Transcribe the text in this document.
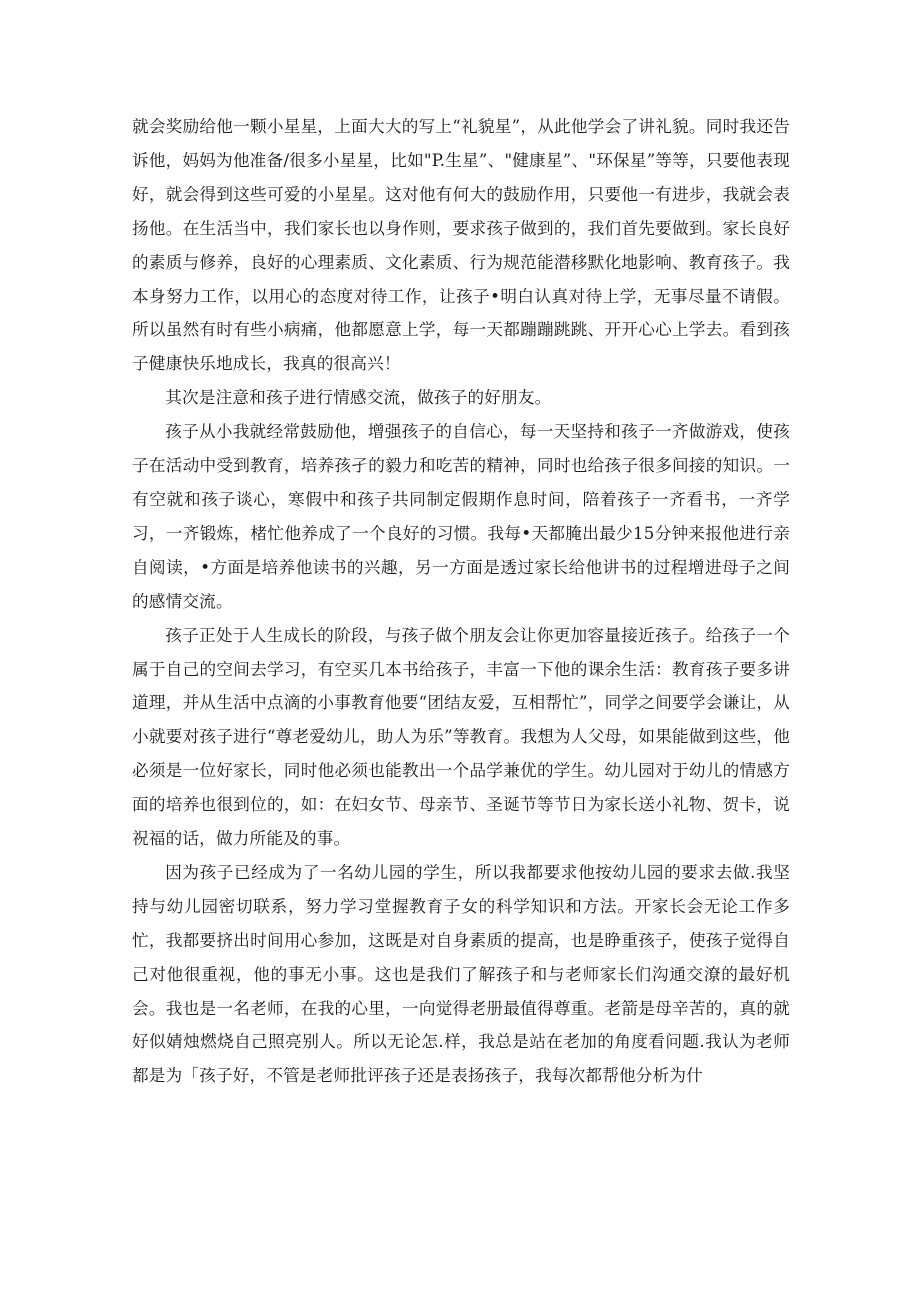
就会奖励给他一颗小星星，上面大大的写上“礼貌星”，从此他学会了讲礼貌。同时我还告诉他，妈妈为他准备/很多小星星，比如"P.生星”、"健康星”、"环保星”等等，只要他表现好，就会得到这些可爱的小星星。这对他有何大的鼓励作用，只要他一有进步，我就会表扬他。在生活当中，我们家长也以身作则，要求孩子做到的，我们首先要做到。家长良好的素质与修养，良好的心理素质、文化素质、行为规范能潜移默化地影响、教育孩子。我本身努力工作，以用心的态度对待工作，让孩子•明白认真对待上学，无事尽量不请假。所以虽然有时有些小病痛，他都愿意上学，每一天都蹦蹦跳跳、开开心心上学去。看到孩子健康快乐地成长，我真的很高兴！

其次是注意和孩子进行情感交流，做孩子的好朋友。

孩子从小我就经常鼓励他，增强孩子的自信心，每一天坚持和孩子一齐做游戏，使孩子在活动中受到教育，培养孩孑的毅力和吃苦的精神，同时也给孩子很多间接的知识。一有空就和孩子谈心，寒假中和孩子共同制定假期作息时间，陪着孩子一齐看书，一齐学习，一齐锻炼，楮忙他养成了一个良好的习惯。我每•天都腌出最少15分钟来报他进行亲自阅读，•方面是培养他读书的兴趣，另一方面是透过家长给他讲书的过程增进母子之间的感情交流。

孩子正处于人生成长的阶段，与孩子做个朋友会让你更加容量接近孩子。给孩子一个属于自己的空间去学习，有空买几本书给孩子，丰富一下他的课余生活：教育孩子要多讲道理，并从生活中点滴的小事教育他要“团结友爱，互相帮忙”，同学之间要学会谦让，从小就要对孩子进行“尊老爱幼儿，助人为乐”等教育。我想为人父母，如果能做到这些，他必须是一位好家长，同时他必须也能教出一个品学兼优的学生。幼儿园对于幼儿的情感方面的培养也很到位的，如：在妇女节、母亲节、圣诞节等节日为家长送小礼物、贺卡，说祝福的话，做力所能及的事。

因为孩子已经成为了一名幼儿园的学生，所以我都要求他按幼儿园的要求去做.我坚持与幼儿园密切联系，努力学习堂握教育子女的科学知识和方法。开家长会无论工作多忙，我都要挤出时间用心参加，这既是对自身素质的提高，也是睁重孩子，使孩子觉得自己对他很重视，他的事无小事。这也是我们了解孩子和与老师家长们沟通交潦的最好机会。我也是一名老师，在我的心里，一向觉得老册最值得尊重。老箭是母辛苦的，真的就好似婧烛燃烧自己照亮别人。所以无论怎.样，我总是站在老加的角度看问题.我认为老师都是为「孩子好，不管是老师批评孩子还是表扬孩子，我每次都帮他分析为什
